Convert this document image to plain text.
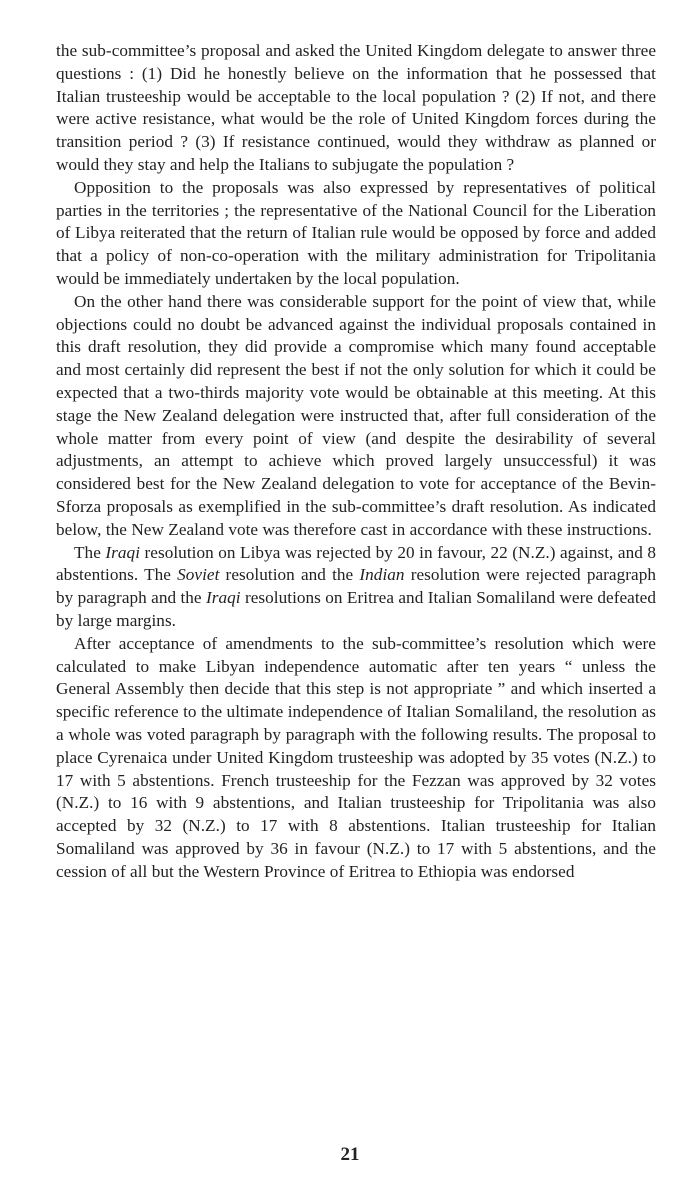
the sub-committee’s proposal and asked the United Kingdom delegate to answer three questions : (1) Did he honestly believe on the information that he possessed that Italian trusteeship would be acceptable to the local population ? (2) If not, and there were active resistance, what would be the role of United Kingdom forces during the transition period ? (3) If resistance continued, would they withdraw as planned or would they stay and help the Italians to subjugate the population ?

Opposition to the proposals was also expressed by representatives of political parties in the territories ; the representative of the National Council for the Liberation of Libya reiterated that the return of Italian rule would be opposed by force and added that a policy of non-co-operation with the military administration for Tripolitania would be immediately undertaken by the local population.

On the other hand there was considerable support for the point of view that, while objections could no doubt be advanced against the individual proposals contained in this draft resolution, they did provide a compromise which many found acceptable and most certainly did represent the best if not the only solution for which it could be expected that a two-thirds majority vote would be obtainable at this meeting. At this stage the New Zealand delegation were instructed that, after full consideration of the whole matter from every point of view (and despite the desirability of several adjustments, an attempt to achieve which proved largely unsuccessful) it was considered best for the New Zealand delegation to vote for acceptance of the Bevin-Sforza proposals as exemplified in the sub-committee’s draft resolution. As indicated below, the New Zealand vote was therefore cast in accordance with these instructions.

The Iraqi resolution on Libya was rejected by 20 in favour, 22 (N.Z.) against, and 8 abstentions. The Soviet resolution and the Indian resolution were rejected paragraph by paragraph and the Iraqi resolutions on Eritrea and Italian Somaliland were defeated by large margins.

After acceptance of amendments to the sub-committee’s resolution which were calculated to make Libyan independence automatic after ten years “ unless the General Assembly then decide that this step is not appropriate ” and which inserted a specific reference to the ultimate independence of Italian Somaliland, the resolution as a whole was voted paragraph by paragraph with the following results. The proposal to place Cyrenaica under United Kingdom trusteeship was adopted by 35 votes (N.Z.) to 17 with 5 abstentions. French trusteeship for the Fezzan was approved by 32 votes (N.Z.) to 16 with 9 abstentions, and Italian trusteeship for Tripolitania was also accepted by 32 (N.Z.) to 17 with 8 abstentions. Italian trusteeship for Italian Somaliland was approved by 36 in favour (N.Z.) to 17 with 5 abstentions, and the cession of all but the Western Province of Eritrea to Ethiopia was endorsed

21
